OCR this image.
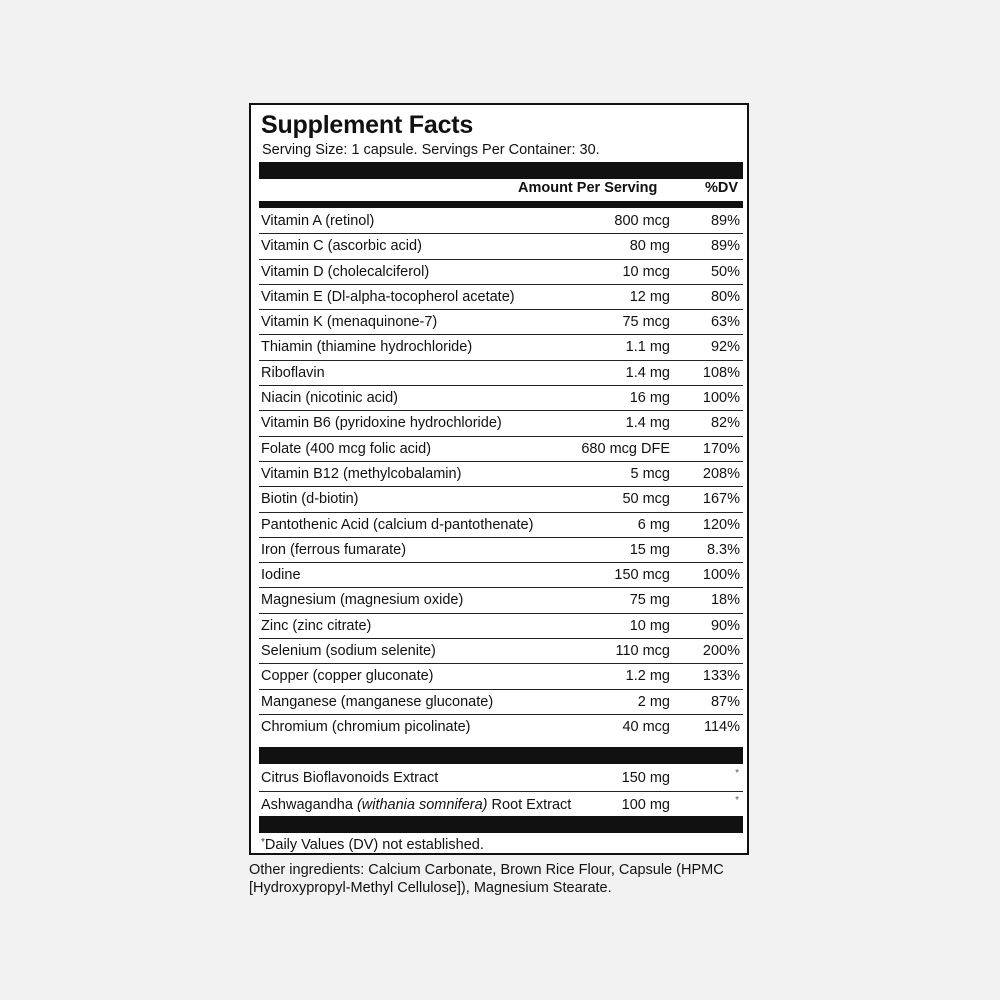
Supplement Facts
Serving Size: 1 capsule. Servings Per Container: 30.
Amount Per Serving	%DV
Vitamin A (retinol)	800 mcg	89%
Vitamin C (ascorbic acid)	80 mg	89%
Vitamin D (cholecalciferol)	10 mcg	50%
Vitamin E (Dl-alpha-tocopherol acetate)	12 mg	80%
Vitamin K (menaquinone-7)	75 mcg	63%
Thiamin (thiamine hydrochloride)	1.1 mg	92%
Riboflavin	1.4 mg 108%
Niacin (nicotinic acid)	16 mg 100%
Vitamin B6 (pyridoxine hydrochloride)	1.4 mg	82%
Folate (400 mcg folic acid)	680 mcg DFE 170%
Vitamin B12 (methylcobalamin)	5 mcg 208%
Biotin (d-biotin)	50 mcg 167%
Pantothenic Acid (calcium d-pantothenate)	6 mg 120%
Iron (ferrous fumarate)	15 mg	8.3%
Iodine	150 mcg 100%
Magnesium (magnesium oxide)	75 mg	18%
Zinc (zinc citrate)	10 mg	90%
Selenium (sodium selenite)	110 mcg 200%
Copper (copper gluconate)	1.2 mg 133%
Manganese (manganese gluconate)	2 mg	87%
Chromium (chromium picolinate)	40 mcg 114%
Citrus Bioflavonoids Extract	150 mg	*
Ashwagandha (withania somnifera) Root Extract	100 mg	*
*Daily Values (DV) not established.
Other ingredients: Calcium Carbonate, Brown Rice Flour, Capsule (HPMC [Hydroxypropyl-Methyl Cellulose]), Magnesium Stearate.
